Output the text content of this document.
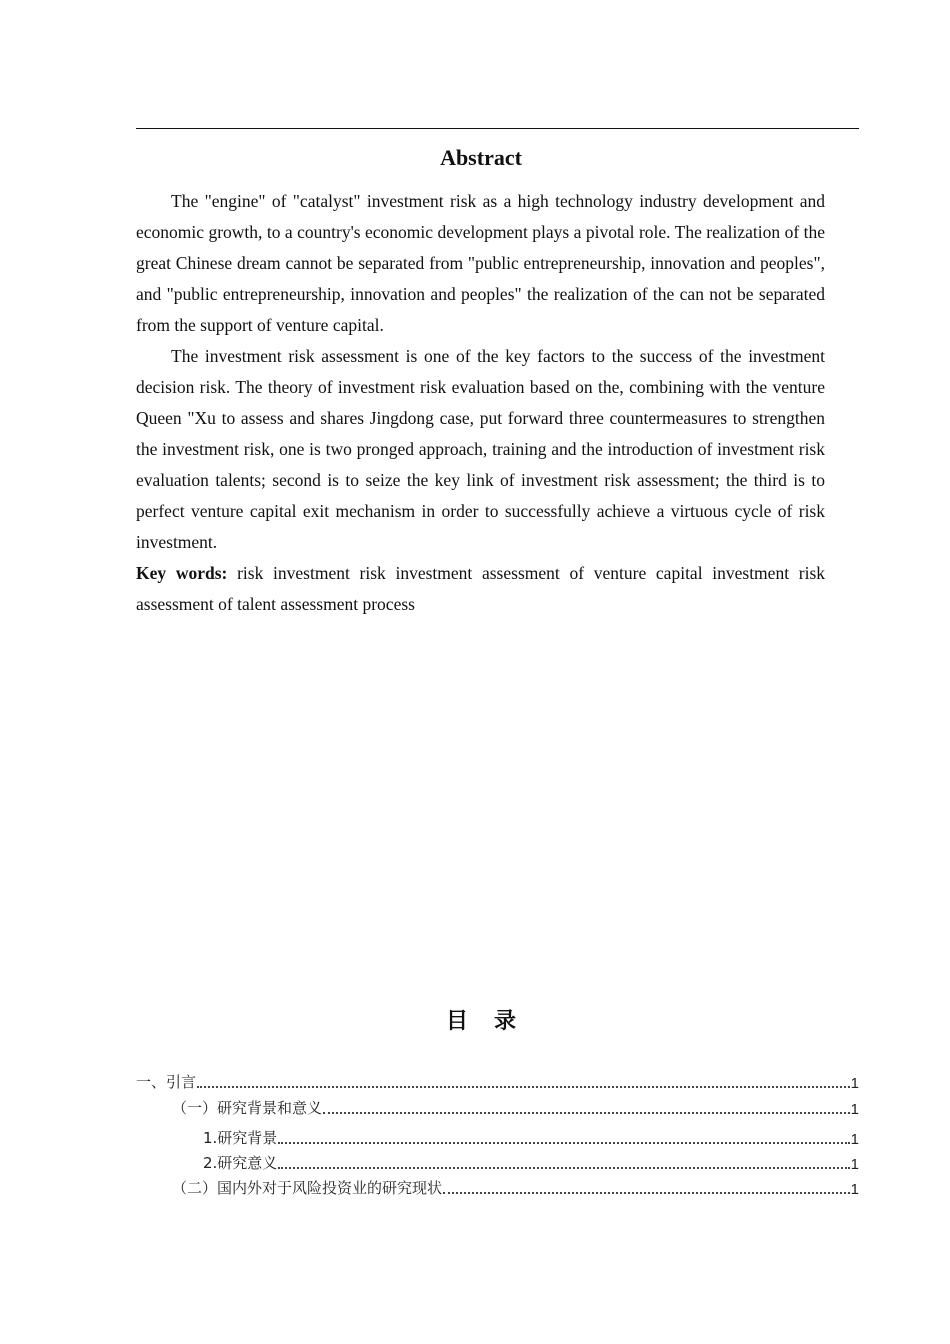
Abstract

The "engine" of "catalyst" investment risk as a high technology industry development and economic growth, to a country's economic development plays a pivotal role. The realization of the great Chinese dream cannot be separated from "public entrepreneurship, innovation and peoples", and "public entrepreneurship, innovation and peoples" the realization of the can not be separated from the support of venture capital.

The investment risk assessment is one of the key factors to the success of the investment decision risk. The theory of investment risk evaluation based on the, combining with the venture Queen "Xu to assess and shares Jingdong case, put forward three countermeasures to strengthen the investment risk, one is two pronged approach, training and the introduction of investment risk evaluation talents; second is to seize the key link of investment risk assessment; the third is to perfect venture capital exit mechanism in order to successfully achieve a virtuous cycle of risk investment.

Key words: risk investment risk investment assessment of venture capital investment risk assessment of talent assessment process

目 录
一、引言	1
（一）研究背景和意义	1
1.研究背景	1
2.研究意义	1
（二）国内外对于风险投资业的研究现状	1
